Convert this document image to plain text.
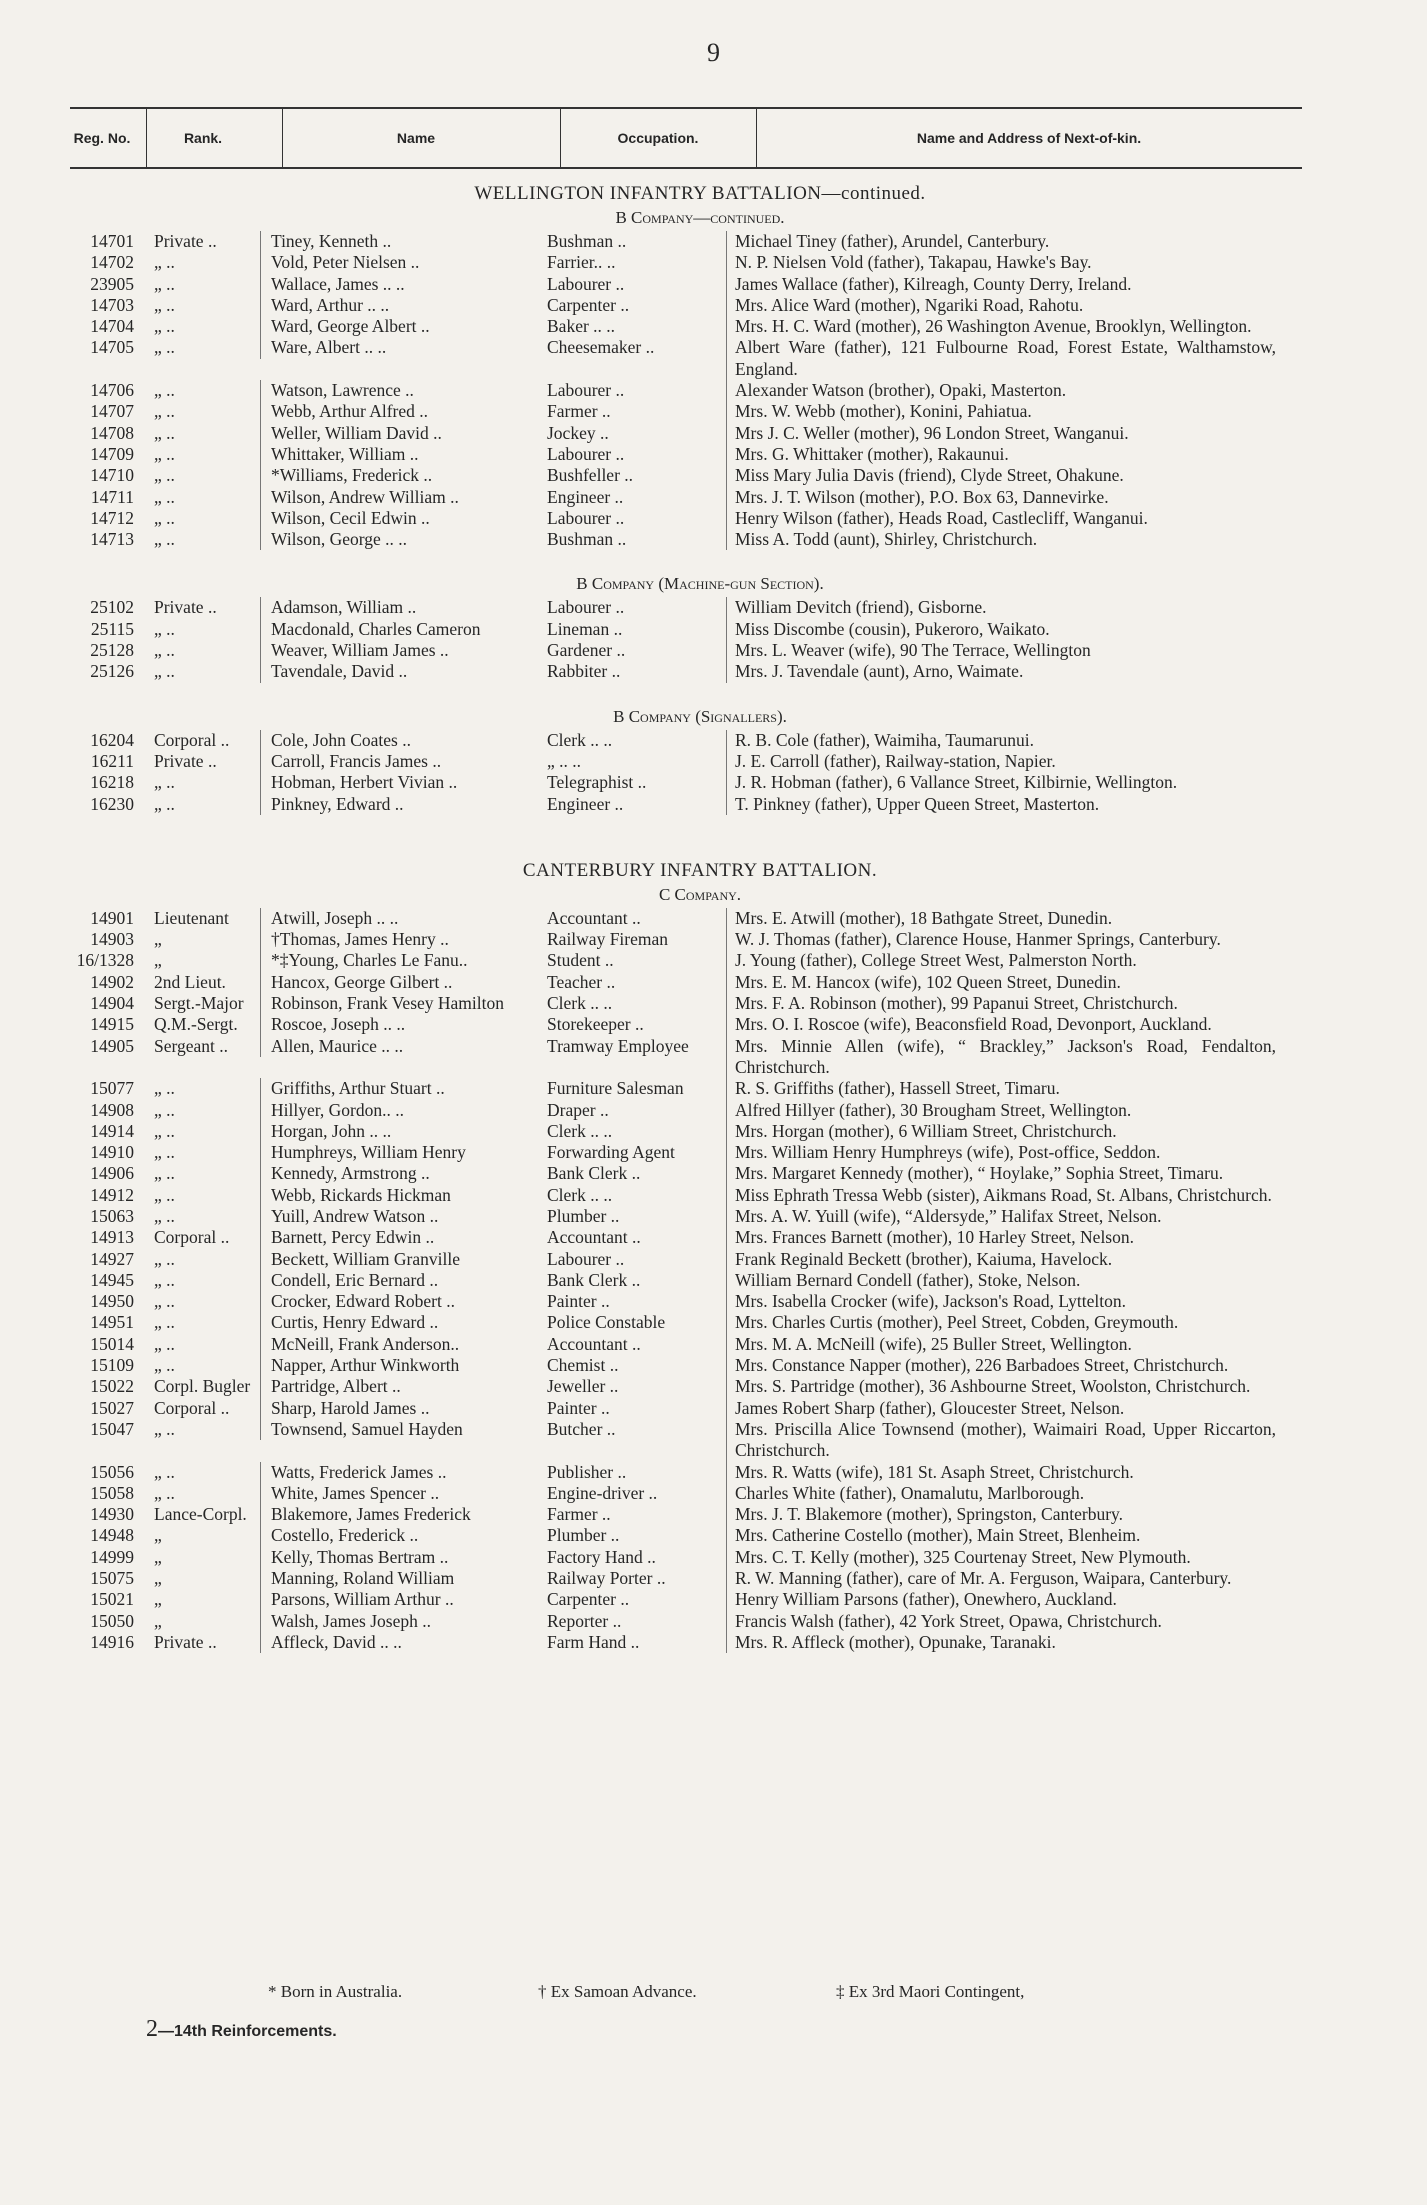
9
Reg. No.	Rank.	Name	Occupation.	Name and Address of Next-of-kin.
WELLINGTON INFANTRY BATTALION—continued.
B Company—continued.
14701	Private ..	Tiney, Kenneth ..	Bushman ..	Michael Tiney (father), Arundel, Canterbury.
14702	„ ..	Vold, Peter Nielsen ..	Farrier.. ..	N. P. Nielsen Vold (father), Takapau, Hawke's Bay.
23905	„ ..	Wallace, James .. ..	Labourer ..	James Wallace (father), Kilreagh, County Derry, Ireland.
14703	„ ..	Ward, Arthur .. ..	Carpenter ..	Mrs. Alice Ward (mother), Ngariki Road, Rahotu.
14704	„ ..	Ward, George Albert ..	Baker .. ..	Mrs. H. C. Ward (mother), 26 Washington Avenue, Brooklyn, Wellington.
14705	„ ..	Ware, Albert .. ..	Cheesemaker ..	Albert Ware (father), 121 Fulbourne Road, Forest Estate, Walthamstow, England.
14706	„ ..	Watson, Lawrence ..	Labourer ..	Alexander Watson (brother), Opaki, Masterton.
14707	„ ..	Webb, Arthur Alfred ..	Farmer ..	Mrs. W. Webb (mother), Konini, Pahiatua.
14708	„ ..	Weller, William David ..	Jockey ..	Mrs J. C. Weller (mother), 96 London Street, Wanganui.
14709	„ ..	Whittaker, William ..	Labourer ..	Mrs. G. Whittaker (mother), Rakaunui.
14710	„ ..	*Williams, Frederick ..	Bushfeller ..	Miss Mary Julia Davis (friend), Clyde Street, Ohakune.
14711	„ ..	Wilson, Andrew William ..	Engineer ..	Mrs. J. T. Wilson (mother), P.O. Box 63, Dannevirke.
14712	„ ..	Wilson, Cecil Edwin ..	Labourer ..	Henry Wilson (father), Heads Road, Castlecliff, Wanganui.
14713	„ ..	Wilson, George .. ..	Bushman ..	Miss A. Todd (aunt), Shirley, Christchurch.
B Company (Machine-gun Section).
25102	Private ..	Adamson, William ..	Labourer ..	William Devitch (friend), Gisborne.
25115	„ ..	Macdonald, Charles Cameron	Lineman ..	Miss Discombe (cousin), Pukeroro, Waikato.
25128	„ ..	Weaver, William James ..	Gardener ..	Mrs. L. Weaver (wife), 90 The Terrace, Wellington
25126	„ ..	Tavendale, David ..	Rabbiter ..	Mrs. J. Tavendale (aunt), Arno, Waimate.
B Company (Signallers).
16204	Corporal ..	Cole, John Coates ..	Clerk .. ..	R. B. Cole (father), Waimiha, Taumarunui.
16211	Private ..	Carroll, Francis James ..	„ .. ..	J. E. Carroll (father), Railway-station, Napier.
16218	„ ..	Hobman, Herbert Vivian ..	Telegraphist ..	J. R. Hobman (father), 6 Vallance Street, Kilbirnie, Wellington.
16230	„ ..	Pinkney, Edward ..	Engineer ..	T. Pinkney (father), Upper Queen Street, Masterton.
CANTERBURY INFANTRY BATTALION.
C Company.
14901	Lieutenant	Atwill, Joseph .. ..	Accountant ..	Mrs. E. Atwill (mother), 18 Bathgate Street, Dunedin.
14903	„	†Thomas, James Henry ..	Railway Fireman	W. J. Thomas (father), Clarence House, Hanmer Springs, Canterbury.
16/1328	„	*‡Young, Charles Le Fanu..	Student ..	J. Young (father), College Street West, Palmerston North.
14902	2nd Lieut.	Hancox, George Gilbert ..	Teacher ..	Mrs. E. M. Hancox (wife), 102 Queen Street, Dunedin.
14904	Sergt.-Major	Robinson, Frank Vesey Hamilton	Clerk .. ..	Mrs. F. A. Robinson (mother), 99 Papanui Street, Christchurch.
14915	Q.M.-Sergt.	Roscoe, Joseph .. ..	Storekeeper ..	Mrs. O. I. Roscoe (wife), Beaconsfield Road, Devonport, Auckland.
14905	Sergeant ..	Allen, Maurice .. ..	Tramway Employee	Mrs. Minnie Allen (wife), “ Brackley,” Jackson's Road, Fendalton, Christchurch.
15077	„ ..	Griffiths, Arthur Stuart ..	Furniture Salesman	R. S. Griffiths (father), Hassell Street, Timaru.
14908	„ ..	Hillyer, Gordon.. ..	Draper ..	Alfred Hillyer (father), 30 Brougham Street, Wellington.
14914	„ ..	Horgan, John .. ..	Clerk .. ..	Mrs. Horgan (mother), 6 William Street, Christchurch.
14910	„ ..	Humphreys, William Henry	Forwarding Agent	Mrs. William Henry Humphreys (wife), Post-office, Seddon.
14906	„ ..	Kennedy, Armstrong ..	Bank Clerk ..	Mrs. Margaret Kennedy (mother), “ Hoylake,” Sophia Street, Timaru.
14912	„ ..	Webb, Rickards Hickman	Clerk .. ..	Miss Ephrath Tressa Webb (sister), Aikmans Road, St. Albans, Christchurch.
15063	„ ..	Yuill, Andrew Watson ..	Plumber ..	Mrs. A. W. Yuill (wife), “Aldersyde,” Halifax Street, Nelson.
14913	Corporal ..	Barnett, Percy Edwin ..	Accountant ..	Mrs. Frances Barnett (mother), 10 Harley Street, Nelson.
14927	„ ..	Beckett, William Granville	Labourer ..	Frank Reginald Beckett (brother), Kaiuma, Havelock.
14945	„ ..	Condell, Eric Bernard ..	Bank Clerk ..	William Bernard Condell (father), Stoke, Nelson.
14950	„ ..	Crocker, Edward Robert ..	Painter ..	Mrs. Isabella Crocker (wife), Jackson's Road, Lyttelton.
14951	„ ..	Curtis, Henry Edward ..	Police Constable	Mrs. Charles Curtis (mother), Peel Street, Cobden, Greymouth.
15014	„ ..	McNeill, Frank Anderson..	Accountant ..	Mrs. M. A. McNeill (wife), 25 Buller Street, Wellington.
15109	„ ..	Napper, Arthur Winkworth	Chemist ..	Mrs. Constance Napper (mother), 226 Barbadoes Street, Christchurch.
15022	Corpl. Bugler	Partridge, Albert ..	Jeweller ..	Mrs. S. Partridge (mother), 36 Ashbourne Street, Woolston, Christchurch.
15027	Corporal ..	Sharp, Harold James ..	Painter ..	James Robert Sharp (father), Gloucester Street, Nelson.
15047	„ ..	Townsend, Samuel Hayden	Butcher ..	Mrs. Priscilla Alice Townsend (mother), Waimairi Road, Upper Riccarton, Christchurch.
15056	„ ..	Watts, Frederick James ..	Publisher ..	Mrs. R. Watts (wife), 181 St. Asaph Street, Christchurch.
15058	„ ..	White, James Spencer ..	Engine-driver ..	Charles White (father), Onamalutu, Marlborough.
14930	Lance-Corpl.	Blakemore, James Frederick	Farmer ..	Mrs. J. T. Blakemore (mother), Springston, Canterbury.
14948	„	Costello, Frederick ..	Plumber ..	Mrs. Catherine Costello (mother), Main Street, Blenheim.
14999	„	Kelly, Thomas Bertram ..	Factory Hand ..	Mrs. C. T. Kelly (mother), 325 Courtenay Street, New Plymouth.
15075	„	Manning, Roland William	Railway Porter ..	R. W. Manning (father), care of Mr. A. Ferguson, Waipara, Canterbury.
15021	„	Parsons, William Arthur ..	Carpenter ..	Henry William Parsons (father), Onewhero, Auckland.
15050	„	Walsh, James Joseph ..	Reporter ..	Francis Walsh (father), 42 York Street, Opawa, Christchurch.
14916	Private ..	Affleck, David .. ..	Farm Hand ..	Mrs. R. Affleck (mother), Opunake, Taranaki.
* Born in Australia.	† Ex Samoan Advance.	‡ Ex 3rd Maori Contingent,
2—14th Reinforcements.
